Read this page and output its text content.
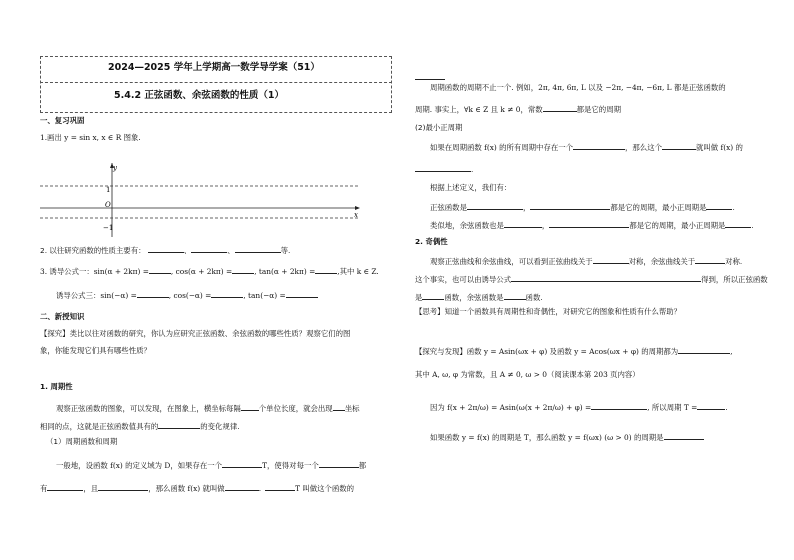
2024—2025 学年上学期高一数学导学案（51）
5.4.2 正弦函数、余弦函数的性质（1）
一、复习巩固
1.画出 y = sin x, x ∈ R 图象.
y
x
O
1
−1
2. 以往研究函数的性质主要有：	、	、	等.
3. 诱导公式一：sin(α + 2kπ) =	, cos(α + 2kπ) =	, tan(α + 2kπ) =	,其中 k ∈ Z.
诱导公式三：sin(−α) =	, cos(−α) =	, tan(−α) =
二、新授知识
【探究】类比以往对函数的研究，你认为应研究正弦函数、余弦函数的哪些性质？观察它们的图
象，你能发现它们具有哪些性质？
1. 周期性
观察正弦函数的图象，可以发现，在图象上，横坐标每隔 个单位长度，就会出现 坐标
相同的点，这就是正弦函数值具有的	的变化规律.
（1）周期函数和周期
一般地，设函数 f(x) 的定义域为 D，如果存在一个	T，使得对每一个	都
有	，且	，那么函数 f(x) 就叫做	.	T 叫做这个函数的
周期函数的周期不止一个. 例如，2π, 4π, 6π, L 以及 −2π, −4π, −6π, L 都是正弦函数的
周期. 事实上，∀k ∈ Z 且 k ≠ 0，常数	都是它的周期
(2)最小正周期
如果在周期函数 f(x) 的所有周期中存在一个	，那么这个	就叫做 f(x) 的
.
根据上述定义，我们有：
正弦函数是	，	都是它的周期，最小正周期是	.
类似地，余弦函数也是	，	都是它的周期，最小正周期是	.
2. 奇偶性
观察正弦曲线和余弦曲线，可以看到正弦曲线关于	对称，余弦曲线关于	对称.
这个事实，也可以由诱导公式	得到，所以正弦函数
是	函数，余弦函数是	函数.
【思考】知道一个函数具有周期性和奇偶性，对研究它的图象和性质有什么帮助？
【探究与发现】函数 y = Asin(ωx + φ) 及函数 y = Acos(ωx + φ) 的周期都为	,
其中 A, ω, φ 为常数，且 A ≠ 0, ω > 0（阅读课本第 203 页内容）
因为 f(x + 2π/ω) = Asin(ω(x + 2π/ω) + φ) =	, 所以周期 T =	.
如果函数 y = f(x) 的周期是 T，那么函数 y = f(ωx) (ω > 0) 的周期是
